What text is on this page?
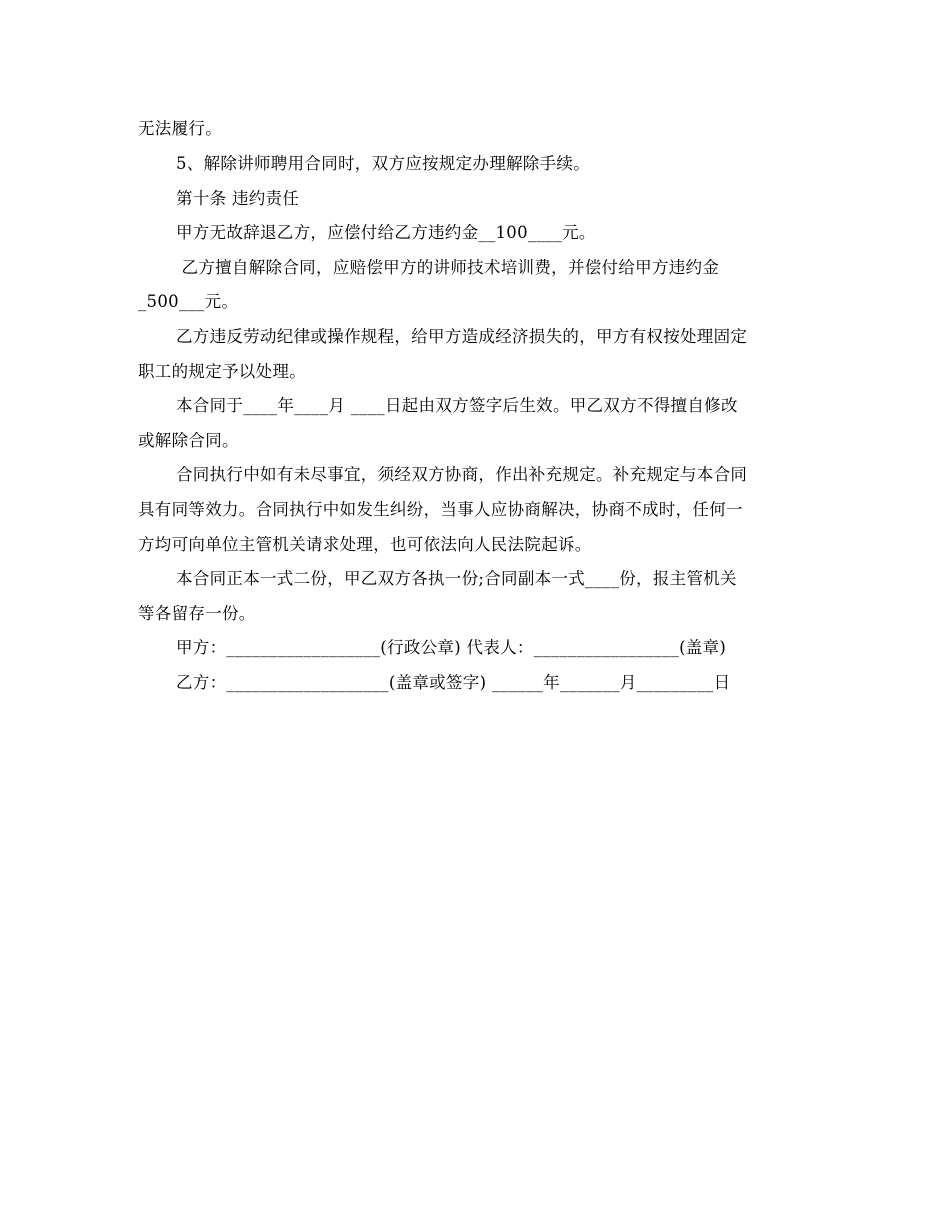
无法履行。
5、解除讲师聘用合同时，双方应按规定办理解除手续。
第十条 违约责任
甲方无故辞退乙方，应偿付给乙方违约金__100____元。
乙方擅自解除合同，应赔偿甲方的讲师技术培训费，并偿付给甲方违约金
_500___元。
乙方违反劳动纪律或操作规程，给甲方造成经济损失的，甲方有权按处理固定
职工的规定予以处理。
本合同于____年____月 ____日起由双方签字后生效。甲乙双方不得擅自修改
或解除合同。
合同执行中如有未尽事宜，须经双方协商，作出补充规定。补充规定与本合同
具有同等效力。合同执行中如发生纠纷，当事人应协商解决，协商不成时，任何一
方均可向单位主管机关请求处理，也可依法向人民法院起诉。
本合同正本一式二份，甲乙双方各执一份;合同副本一式____份，报主管机关
等各留存一份。
甲方：__________________(行政公章) 代表人：_________________(盖章)
乙方：___________________(盖章或签字) ______年_______月_________日
